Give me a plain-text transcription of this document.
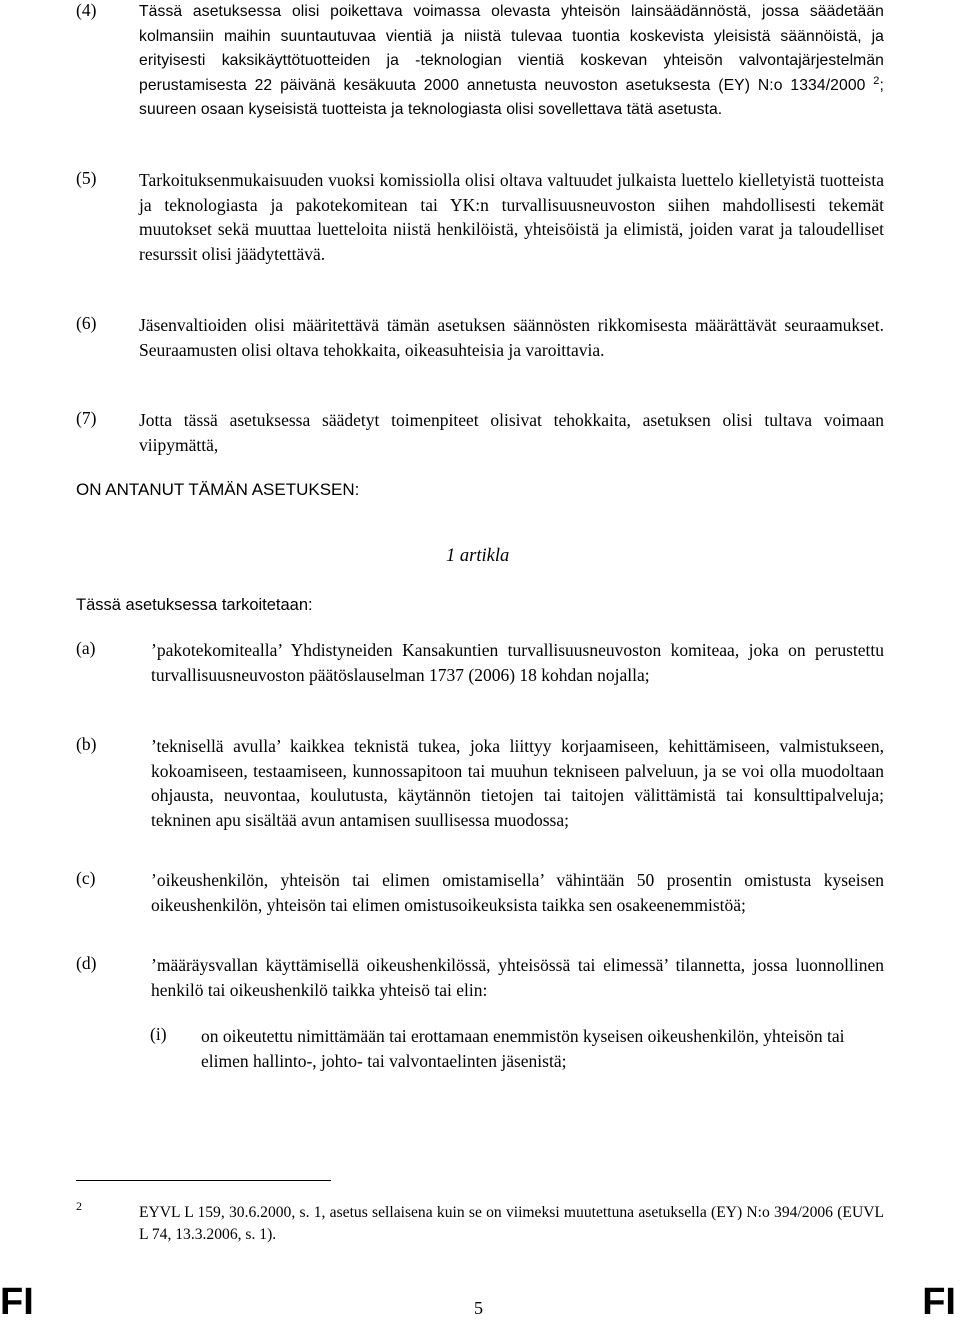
(4)	Tässä asetuksessa olisi poikettava voimassa olevasta yhteisön lainsäädännöstä, jossa säädetään kolmansiin maihin suuntautuvaa vientiä ja niistä tulevaa tuontia koskevista yleisistä säännöistä, ja erityisesti kaksikäyttötuotteiden ja -teknologian vientiä koskevan yhteisön valvontajärjestelmän perustamisesta 22 päivänä kesäkuuta 2000 annetusta neuvoston asetuksesta (EY) N:o 1334/2000 $^2$; suureen osaan kyseisistä tuotteista ja teknologiasta olisi sovellettava tätä asetusta.
(5) Tarkoituksenmukaisuuden vuoksi komissiolla olisi oltava valtuudet julkaista luettelo kielletyistä tuotteista ja teknologiasta ja pakotekomitean tai YK:n turvallisuusneuvoston siihen mahdollisesti tekemät muutokset sekä muuttaa luetteloita niistä henkilöistä, yhteisöistä ja elimistä, joiden varat ja taloudelliset resurssit olisi jäädytettävä.
(6) Jäsenvaltioiden olisi määritettävä tämän asetuksen säännösten rikkomisesta määrättävät seuraamukset. Seuraamusten olisi oltava tehokkaita, oikeasuhteisia ja varoittavia.
(7) Jotta tässä asetuksessa säädetyt toimenpiteet olisivat tehokkaita, asetuksen olisi tultava voimaan viipymättä,
ON ANTANUT TÄMÄN ASETUKSEN:
1 artikla
Tässä asetuksessa tarkoitetaan:
(a)	’pakotekomitealla’ Yhdistyneiden Kansakuntien turvallisuusneuvoston komiteaa, joka on perustettu turvallisuusneuvoston päätöslauselman 1737 (2006) 18 kohdan nojalla;
(b)	’teknisellä avulla’ kaikkea teknistä tukea, joka liittyy korjaamiseen, kehittämiseen, valmistukseen, kokoamiseen, testaamiseen, kunnossapitoon tai muuhun tekniseen palveluun, ja se voi olla muodoltaan ohjausta, neuvontaa, koulutusta, käytännön tietojen tai taitojen välittämistä tai konsulttipalveluja; tekninen apu sisältää avun antamisen suullisessa muodossa;
(c)	’oikeushenkilön, yhteisön tai elimen omistamisella’ vähintään 50 prosentin omistusta kyseisen oikeushenkilön, yhteisön tai elimen omistusoikeuksista taikka sen osakeenemmistöä;
(d)	’määräysvallan käyttämisellä oikeushenkilössä, yhteisössä tai elimessä’ tilannetta, jossa luonnollinen henkilö tai oikeushenkilö taikka yhteisö tai elin:
(i) on oikeutettu nimittämään tai erottamaan enemmistön kyseisen oikeushenkilön, yhteisön tai elimen hallinto-, johto- tai valvontaelinten jäsenistä;
2	EYVL L 159, 30.6.2000, s. 1, asetus sellaisena kuin se on viimeksi muutettuna asetuksella (EY) N:o 394/2006 (EUVL L 74, 13.3.2006, s. 1).
FI	5	FI
